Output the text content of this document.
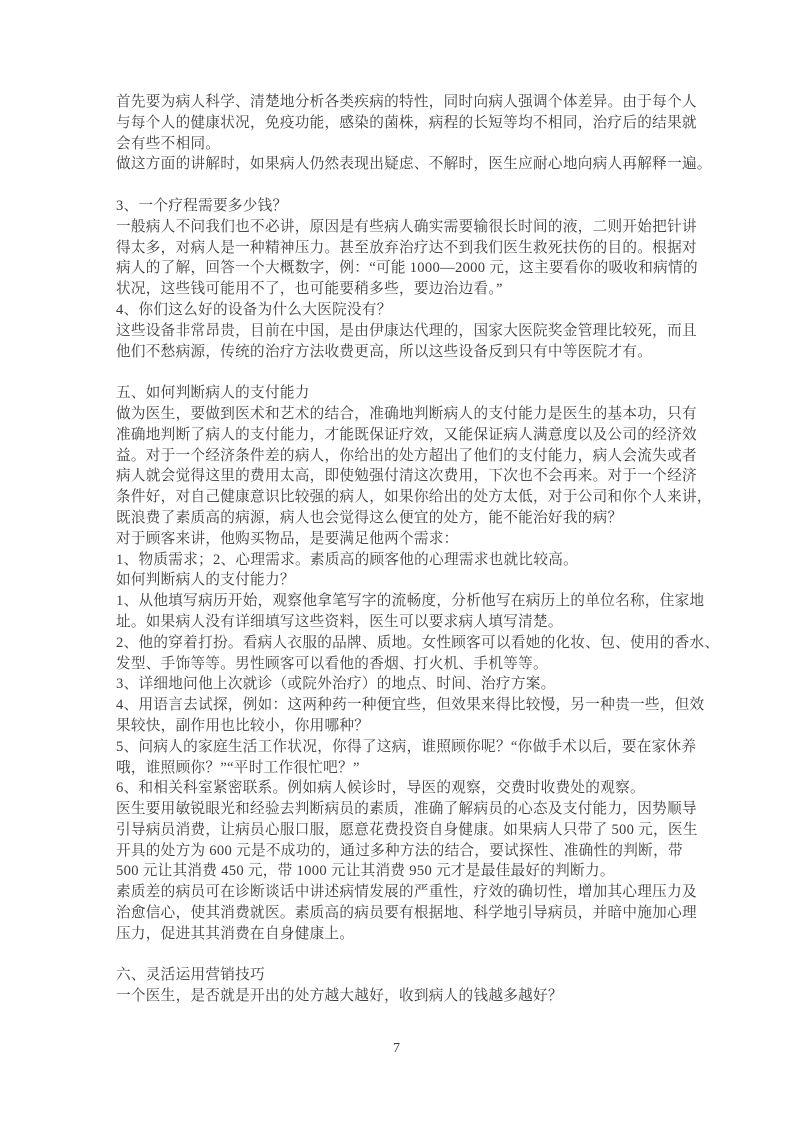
首先要为病人科学、清楚地分析各类疾病的特性，同时向病人强调个体差异。由于每个人
与每个人的健康状况，免疫功能，感染的菌株，病程的长短等均不相同，治疗后的结果就
会有些不相同。
做这方面的讲解时，如果病人仍然表现出疑虑、不解时，医生应耐心地向病人再解释一遍。
3、一个疗程需要多少钱？
一般病人不问我们也不必讲，原因是有些病人确实需要输很长时间的液，二则开始把针讲
得太多，对病人是一种精神压力。甚至放弃治疗达不到我们医生救死扶伤的目的。根据对
病人的了解，回答一个大概数字，例：“可能 1000—2000 元，这主要看你的吸收和病情的
状况，这些钱可能用不了，也可能要稍多些，要边治边看。”
4、你们这么好的设备为什么大医院没有？
这些设备非常昂贵，目前在中国，是由伊康达代理的，国家大医院奖金管理比较死，而且
他们不愁病源，传统的治疗方法收费更高，所以这些设备反到只有中等医院才有。
五、如何判断病人的支付能力
做为医生，要做到医术和艺术的结合，准确地判断病人的支付能力是医生的基本功，只有
准确地判断了病人的支付能力，才能既保证疗效，又能保证病人满意度以及公司的经济效
益。对于一个经济条件差的病人，你给出的处方超出了他们的支付能力，病人会流失或者
病人就会觉得这里的费用太高，即使勉强付清这次费用，下次也不会再来。对于一个经济
条件好，对自己健康意识比较强的病人，如果你给出的处方太低，对于公司和你个人来讲，
既浪费了素质高的病源，病人也会觉得这么便宜的处方，能不能治好我的病？
对于顾客来讲，他购买物品，是要满足他两个需求：
1、物质需求；2、心理需求。素质高的顾客他的心理需求也就比较高。
如何判断病人的支付能力？
1、从他填写病历开始，观察他拿笔写字的流畅度，分析他写在病历上的单位名称，住家地
址。如果病人没有详细填写这些资料，医生可以要求病人填写清楚。
2、他的穿着打扮。看病人衣服的品牌、质地。女性顾客可以看她的化妆、包、使用的香水、
发型、手饰等等。男性顾客可以看他的香烟、打火机、手机等等。
3、详细地问他上次就诊（或院外治疗）的地点、时间、治疗方案。
4、用语言去试探，例如：这两种药一种便宜些，但效果来得比较慢，另一种贵一些，但效
果较快，副作用也比较小，你用哪种？
5、问病人的家庭生活工作状况，你得了这病，谁照顾你呢？“你做手术以后，要在家休养
哦，谁照顾你？”“平时工作很忙吧？”
6、和相关科室紧密联系。例如病人候诊时，导医的观察，交费时收费处的观察。
医生要用敏锐眼光和经验去判断病员的素质，准确了解病员的心态及支付能力，因势顺导
引导病员消费，让病员心服口服，愿意花费投资自身健康。如果病人只带了 500 元，医生
开具的处方为 600 元是不成功的，通过多种方法的结合，要试探性、准确性的判断，带
500 元让其消费 450 元，带 1000 元让其消费 950 元才是最佳最好的判断力。
素质差的病员可在诊断谈话中讲述病情发展的严重性，疗效的确切性，增加其心理压力及
治愈信心，使其消费就医。素质高的病员要有根据地、科学地引导病员，并暗中施加心理
压力，促进其其消费在自身健康上。
六、灵活运用营销技巧
一个医生，是否就是开出的处方越大越好，收到病人的钱越多越好？
7
